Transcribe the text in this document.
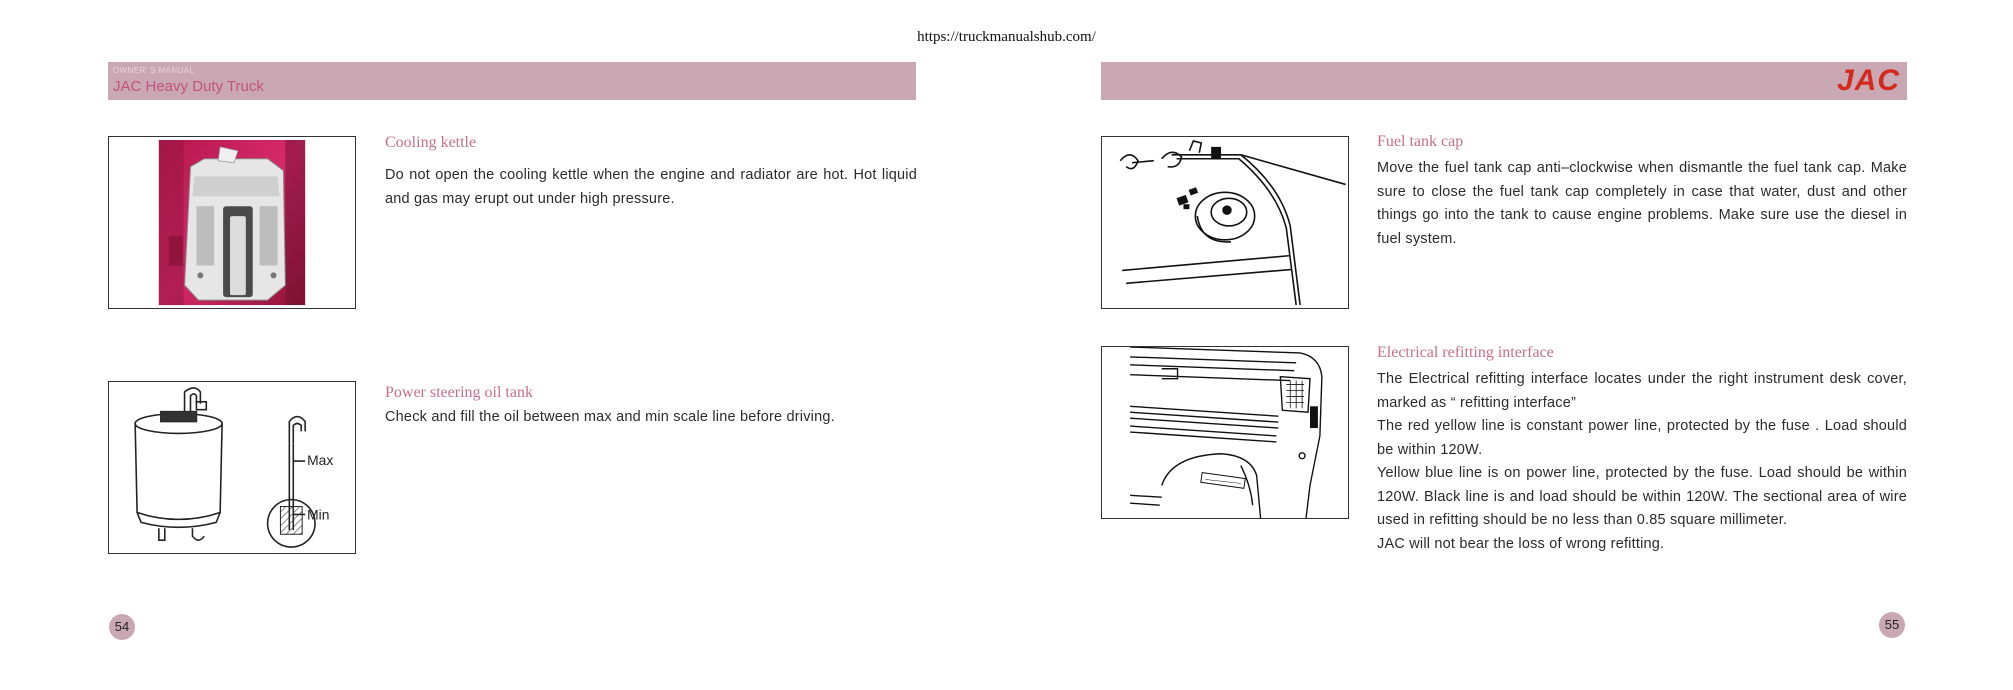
https://truckmanualshub.com/
OWNER' S MANUAL
JAC Heavy Duty Truck	JAC
Cooling kettle

Do not open the cooling kettle when the engine and radiator are hot. Hot liquid and gas may erupt out under high pressure.

Max
Min
Power steering oil tank

Check and fill the oil between max and min scale line before driving.

54
Fuel tank cap

Move the fuel tank cap anti–clockwise when dismantle the fuel tank cap. Make sure to close the fuel tank cap completely in case that water, dust and other things go into the tank to cause engine problems. Make sure use the diesel in fuel system.

Electrical refitting interface

The Electrical refitting interface locates under the right instrument desk cover, marked as “ refitting interface”

The red yellow line is constant power line, protected by the fuse . Load should be within 120W.

Yellow blue line is on power line, protected by the fuse. Load should be within 120W. Black line is and load should be within 120W. The sectional area of wire used in refitting should be no less than 0.85 square millimeter.

JAC will not bear the loss of wrong refitting.

55
